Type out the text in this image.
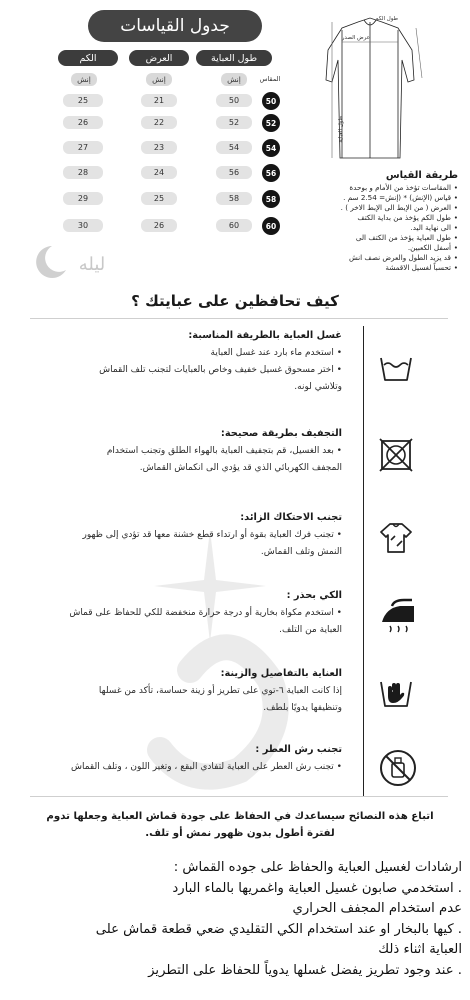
جدول القياسات
طول العباية
العرض
الكم
المقاس
إنش
إنش
إنش
50
50
21
25
52
52
22
26
54
54
23
27
56
56
24
28
58
58
25
29
60
60
26
30
طول الكم
عرض الصدر
طول العباية
طريقة القياس
• المقاسات تؤخذ من الأمام و بوحدة
• قياس (الإنش) * (إنش= 2.54 سم .
• العرض ( من الإبط الى الإبط الاخر ) .
• طول الكم يؤخذ من بداية الكتف
• الى نهاية اليد.
• طول العباية يؤخذ من الكتف الى
• أسفل الكعبين.
• قد يزيد الطول والعرض نصف انش
• تحسباً لغسيل الاقمشة
ليله
كيف تحافظين على عبايتك ؟
غسل العباية بالطريقة المناسبة:
• استخدم ماء بارد عند غسل العباية
• اختر مسحوق غسيل خفيف وخاص بالعبايات لتجنب تلف القماش
وتلاشي لونه.
التجفيف بطريقة صحيحة:
• بعد الغسيل، قم بتجفيف العباية بالهواء الطلق وتجنب استخدام
المجفف الكهربائي الذي قد يؤدي الى انكماش القماش.
تجنب الاحتكاك الزائد:
• تجنب فرك العباية بقوة أو ارتداء قطع خشنة معها قد تؤدي إلى ظهور
النمش وتلف القماش.
الكي بحذر :
• استخدم مكواة بخارية أو درجة حرارة منخفضة للكي للحفاظ على قماش
العباية من التلف.
العناية بالتفاصيل والزينة:
إذا كانت العباية ٦-توي على تطريز أو زينة حساسة، تأكد من غسلها
وتنظيفها يدويًا بلطف.
تجنب رش العطر :
• تجنب رش العطر على العباية لتفادي البقع ، وتغير اللون ، وتلف القماش
اتباع هذه النصائح سيساعدك في الحفاظ على جودة قماش العباية وجعلها تدوم
لفترة أطول بدون ظهور نمش أو تلف.
ارشادات لغسيل العباية والحفاظ على جوده القماش :
. استخدمي صابون غسيل العباية واغمريها بالماء البارد
عدم استخدام المجفف الحراري
. كيها بالبخار او عند استخدام الكي التقليدي ضعي قطعة قماش على
العباية اثناء ذلك
. عند وجود تطريز يفضل غسلها يدوياً للحفاظ على التطريز
